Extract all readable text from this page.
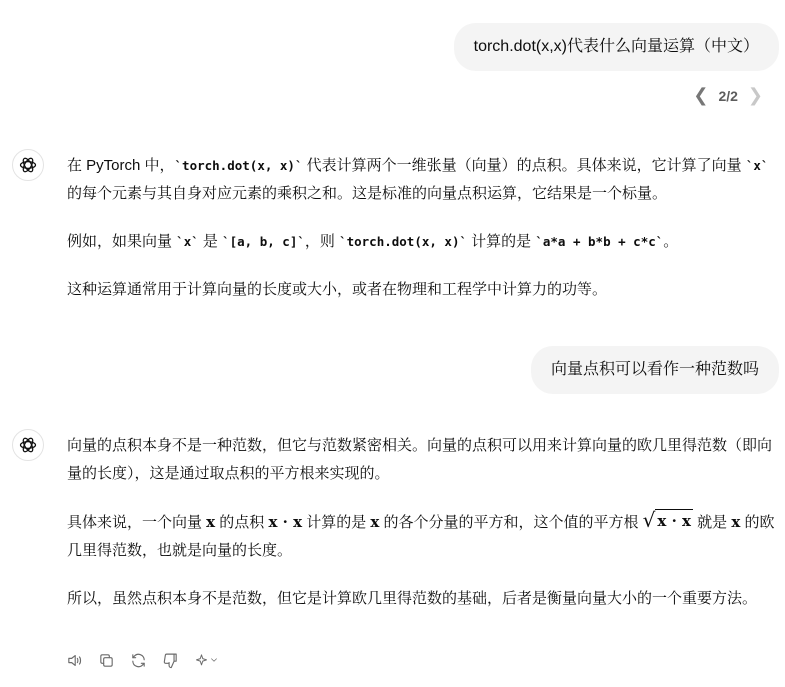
torch.dot(x,x)代表什么向量运算（中文）
❮ 2/2 ❯

在 PyTorch 中，`torch.dot(x, x)` 代表计算两个一维张量（向量）的点积。具体来说，它计算了向量 `x` 的每个元素与其自身对应元素的乘积之和。这是标准的向量点积运算，它结果是一个标量。

例如，如果向量 `x` 是 `[a, b, c]`，则 `torch.dot(x, x)` 计算的是 `a*a + b*b + c*c`。

这种运算通常用于计算向量的长度或大小，或者在物理和工程学中计算力的功等。

向量点积可以看作一种范数吗

向量的点积本身不是一种范数，但它与范数紧密相关。向量的点积可以用来计算向量的欧几里得范数（即向量的长度），这是通过取点积的平方根来实现的。

具体来说，一个向量 x 的点积 x · x 计算的是 x 的各个分量的平方和，这个值的平方根 √ x · x 就是 x 的欧几里得范数，也就是向量的长度。

所以，虽然点积本身不是范数，但它是计算欧几里得范数的基础，后者是衡量向量大小的一个重要方法。
